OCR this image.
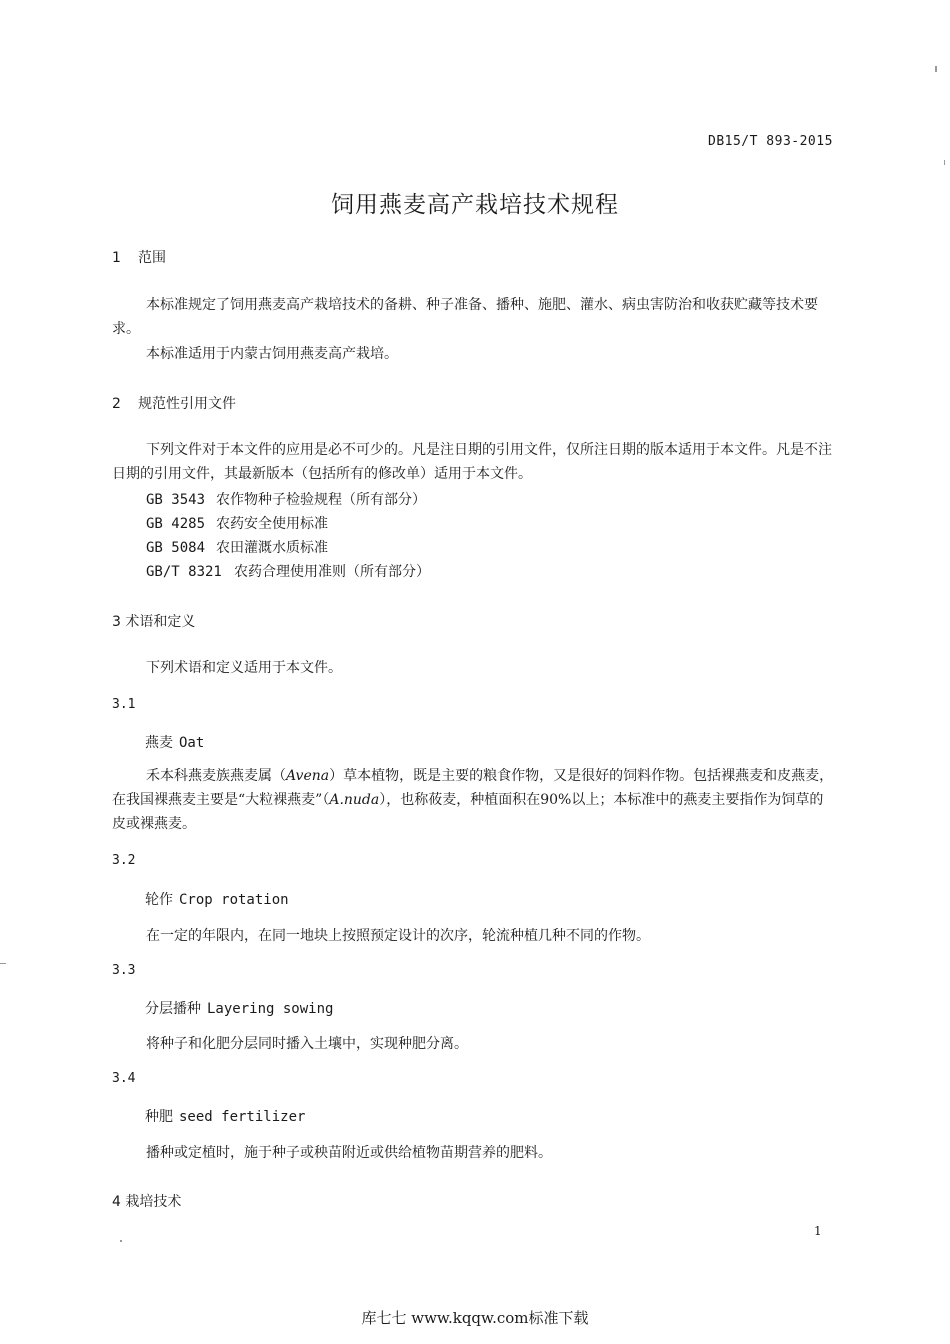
DB15/T 893-2015
饲用燕麦高产栽培技术规程
1 范围
本标准规定了饲用燕麦高产栽培技术的备耕、种子准备、播种、施肥、灌水、病虫害防治和收获贮藏等技术要求。
本标准适用于内蒙古饲用燕麦高产栽培。
2 规范性引用文件
下列文件对于本文件的应用是必不可少的。凡是注日期的引用文件，仅所注日期的版本适用于本文件。凡是不注日期的引用文件，其最新版本（包括所有的修改单）适用于本文件。
GB 3543 农作物种子检验规程（所有部分）
GB 4285 农药安全使用标准
GB 5084 农田灌溉水质标准
GB/T 8321 农药合理使用准则（所有部分）
3 术语和定义
下列术语和定义适用于本文件。
3.1
燕麦 Oat
禾本科燕麦族燕麦属（Avena）草本植物，既是主要的粮食作物，又是很好的饲料作物。包括裸燕麦和皮燕麦，在我国裸燕麦主要是“大粒裸燕麦”（A.nuda），也称莜麦，种植面积在90%以上；本标准中的燕麦主要指作为饲草的皮或裸燕麦。
3.2
轮作 Crop rotation
在一定的年限内，在同一地块上按照预定设计的次序，轮流种植几种不同的作物。
3.3
分层播种 Layering sowing
将种子和化肥分层同时播入土壤中，实现种肥分离。
3.4
种肥 seed fertilizer
播种或定植时，施于种子或秧苗附近或供给植物苗期营养的肥料。
4 栽培技术
1
库七七 www.kqqw.com标准下载
